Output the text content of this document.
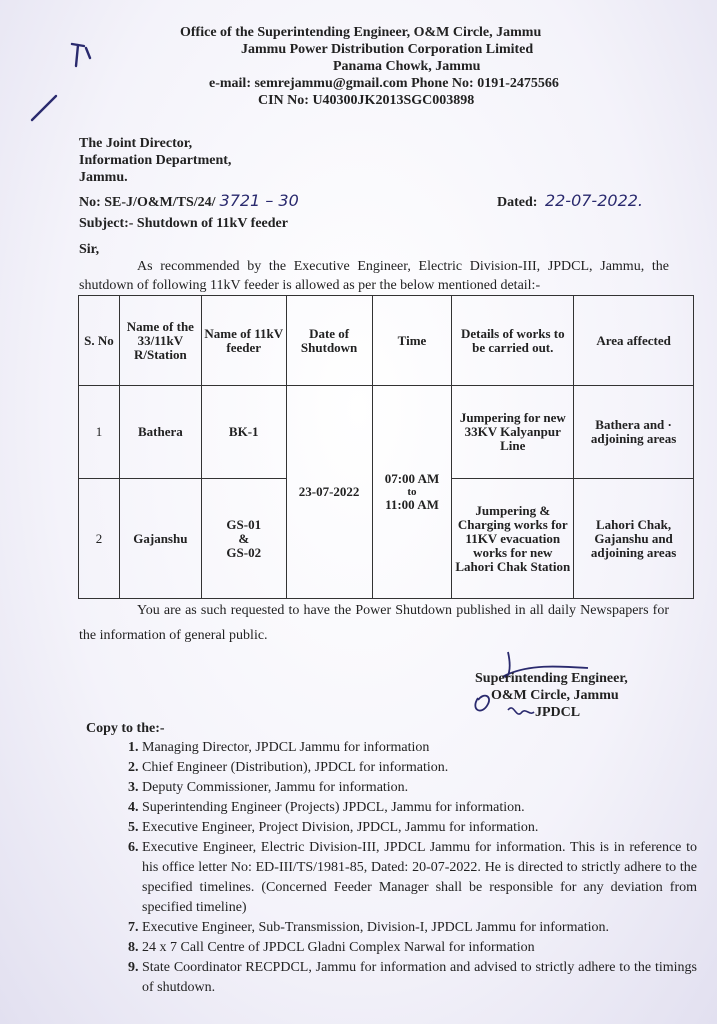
Office of the Superintending Engineer, O&M Circle, Jammu
Jammu Power Distribution Corporation Limited
Panama Chowk, Jammu
e-mail: semrejammu@gmail.com Phone No: 0191-2475566
CIN No: U40300JK2013SGC003898
The Joint Director,
Information Department,
Jammu.
No: SE-J/O&M/TS/24/ 3721 – 30	Dated: 22-07-2022.
Subject:- Shutdown of 11kV feeder
Sir,
As recommended by the Executive Engineer, Electric Division-III, JPDCL, Jammu, the shutdown of following 11kV feeder is allowed as per the below mentioned detail:-
S. No	Name of the 33/11kV R/Station	Name of 11kV feeder	Date of Shutdown	Time	Details of works to be carried out.	Area affected
1	Bathera	BK-1	23-07-2022	07:00 AM
to
11:00 AM	Jumpering for new 33KV Kalyanpur Line	Bathera and · adjoining areas
2	Gajanshu	GS-01
&
GS-02			Jumpering & Charging works for 11KV evacuation works for new Lahori Chak Station	Lahori Chak, Gajanshu and adjoining areas
You are as such requested to have the Power Shutdown published in all daily Newspapers for the information of general public.
Superintending Engineer,
O&M Circle, Jammu
JPDCL
Copy to the:-
1. Managing Director, JPDCL Jammu for information
2. Chief Engineer (Distribution), JPDCL for information.
3. Deputy Commissioner, Jammu for information.
4. Superintending Engineer (Projects) JPDCL, Jammu for information.
5. Executive Engineer, Project Division, JPDCL, Jammu for information.
6. Executive Engineer, Electric Division-III, JPDCL Jammu for information. This is in reference to his office letter No: ED-III/TS/1981-85, Dated: 20-07-2022. He is directed to strictly adhere to the specified timelines. (Concerned Feeder Manager shall be responsible for any deviation from specified timeline)
7. Executive Engineer, Sub-Transmission, Division-I, JPDCL Jammu for information.
8. 24 x 7 Call Centre of JPDCL Gladni Complex Narwal for information
9. State Coordinator RECPDCL, Jammu for information and advised to strictly adhere to the timings of shutdown.
